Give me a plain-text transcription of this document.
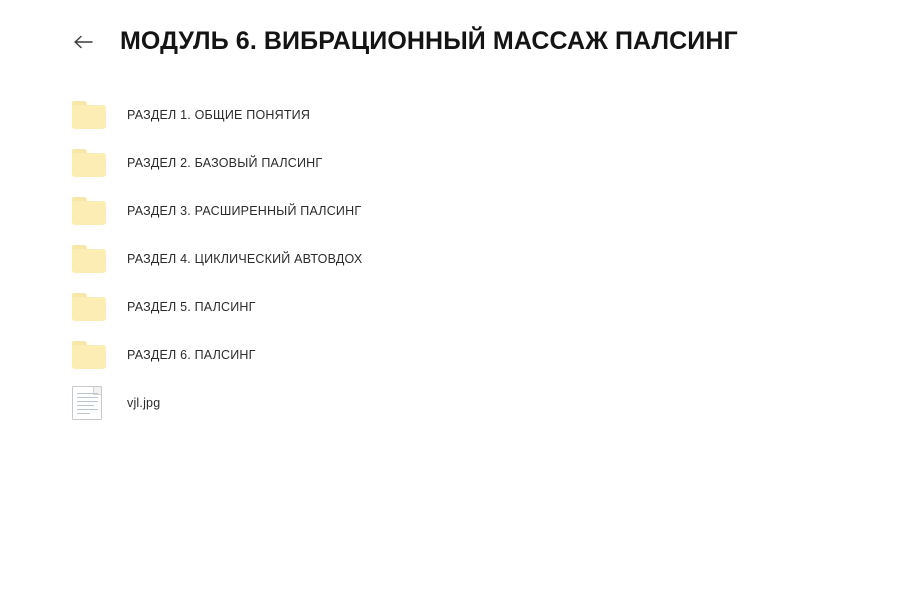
МОДУЛЬ 6. ВИБРАЦИОННЫЙ МАССАЖ ПАЛСИНГ
РАЗДЕЛ 1. ОБЩИЕ ПОНЯТИЯ
РАЗДЕЛ 2. БАЗОВЫЙ ПАЛСИНГ
РАЗДЕЛ 3. РАСШИРЕННЫЙ ПАЛСИНГ
РАЗДЕЛ 4. ЦИКЛИЧЕСКИЙ АВТОВДОХ
РАЗДЕЛ 5. ПАЛСИНГ
РАЗДЕЛ 6. ПАЛСИНГ
vjl.jpg
